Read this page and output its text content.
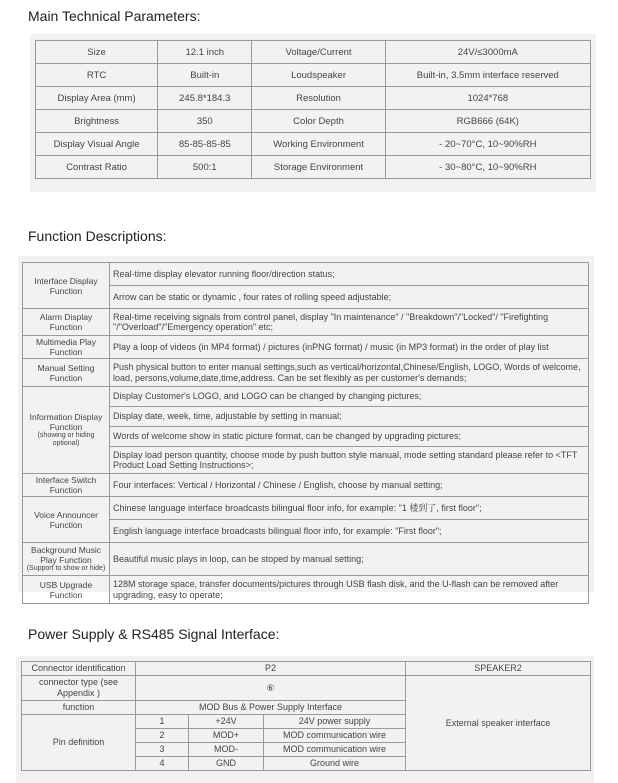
Main Technical Parameters:
Size	12.1 inch	Voltage/Current	24V/≤3000mA
RTC	Built-in	Loudspeaker	Built-in, 3.5mm interface reserved
Display Area (mm)	245.8*184.3	Resolution	1024*768
Brightness	350	Color Depth	RGB666 (64K)
Display Visual Angle	85-85-85-85	Working Environment	- 20~70°C, 10~90%RH
Contrast Ratio	500:1	Storage Environment	- 30~80°C, 10~90%RH
Function Descriptions:
Interface Display Function	Real-time display elevator running floor/direction status;
	Arrow can be static or dynamic , four rates of rolling speed adjustable;
Alarm Display Function	Real-time receiving signals from control panel, display "In maintenance" / "Breakdown"/"Locked"/ "Firefighting "/"Overload"/"Emergency operation" etc;
Multimedia Play Function	Play a loop of videos (in MP4 format) / pictures (inPNG format) / music (in MP3 format) in the order of play list
Manual Setting Function	Push physical button to enter manual settings,such as vertical/horizontal,Chinese/English, LOGO, Words of welcome, load, persons,volume,date,time,address. Can be set flexibly as per customer's demands;
Information Display Function
(showing or hiding optional)	Display Customer's LOGO, and LOGO can be changed by changing pictures;
	Display date, week, time, adjustable by setting in manual;
	Words of welcome show in static picture format, can be changed by upgrading pictures;
	Display load person quantity, choose mode by push button style manual, mode setting standard please refer to <TFT Product Load Setting Instructions>;
Interface Switch Function	Four interfaces: Vertical / Horizontal / Chinese / English, choose by manual setting;
Voice Announcer Function	Chinese language interface broadcasts bilingual floor info, for example: "1 楼到了, first floor";
	English language interface broadcasts bilingual floor info, for example: "First floor";
Background Music Play Function
(Support to show or hide)	Beautiful music plays in loop, can be stoped by manual setting;
USB Upgrade Function	128M storage space, transfer documents/pictures through USB flash disk, and the U-flash can be removed after upgrading, easy to operate;
Power Supply & RS485 Signal Interface:
Connector identification	P2			SPEAKER2
connector type (see Appendix )	⑥			External speaker interface
function	MOD Bus & Power Supply Interface			
Pin definition	1	+24V	24V power supply	
	2	MOD+	MOD communication wire	
	3	MOD-	MOD communication wire	
	4	GND	Ground wire	
